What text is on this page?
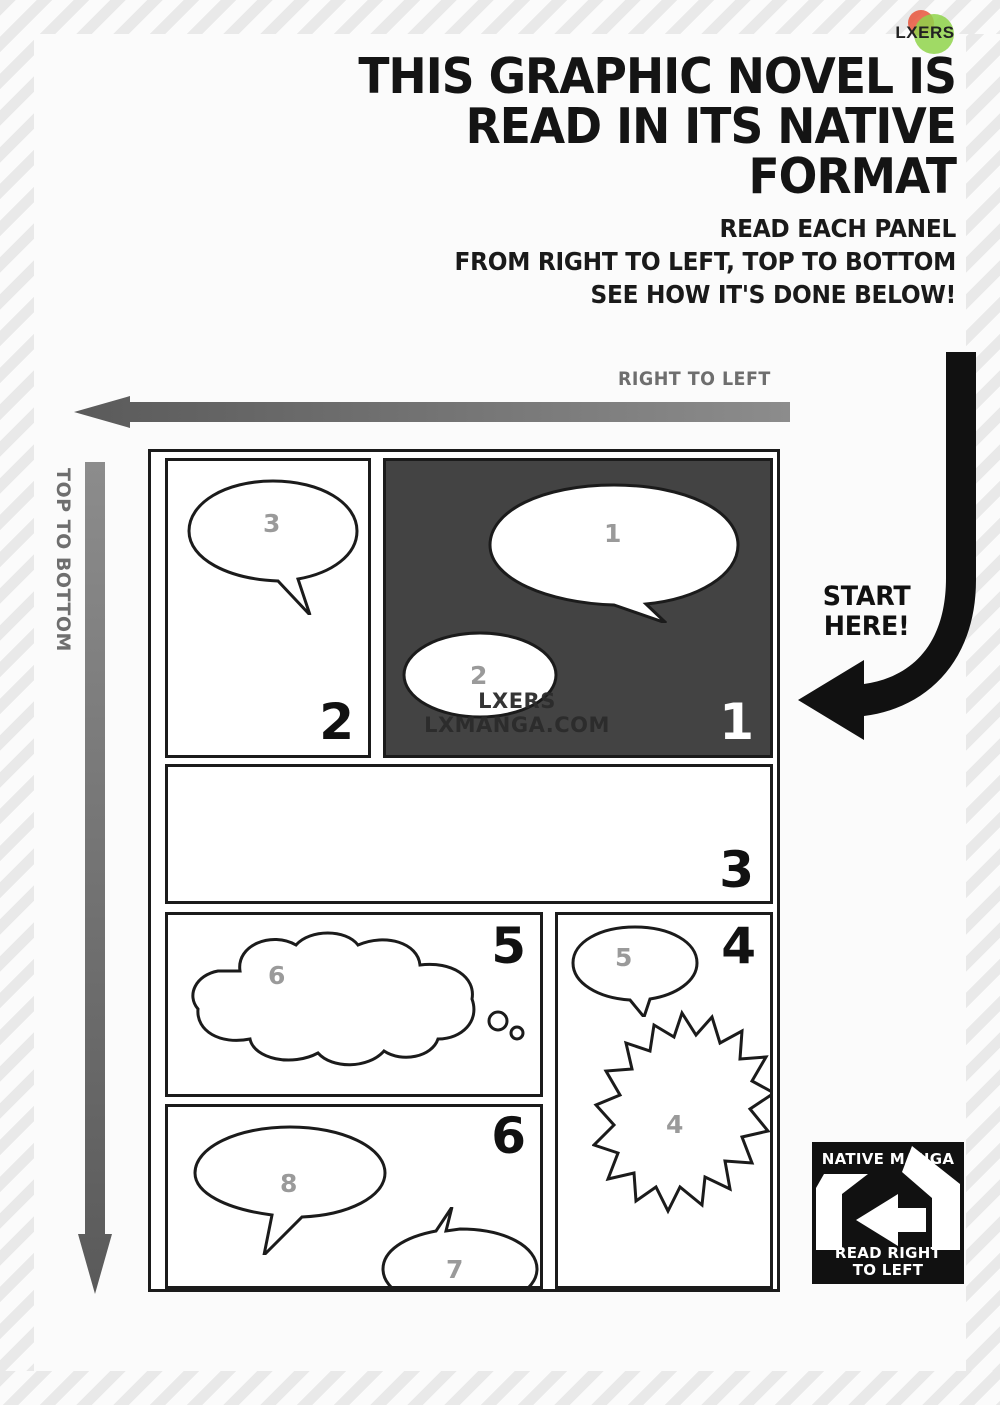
LXERS
THIS GRAPHIC NOVEL IS
READ IN ITS NATIVE FORMAT
READ EACH PANEL
FROM RIGHT TO LEFT, TOP TO BOTTOM
SEE HOW IT'S DONE BELOW!
RIGHT TO LEFT
TOP TO BOTTOM	START
HERE!
1
2
LXERS
LXMANGA.COM	1
3
2
3
5
4
4
6
5
8
7
6	NATIVE MANGA
READ RIGHT
TO LEFT
